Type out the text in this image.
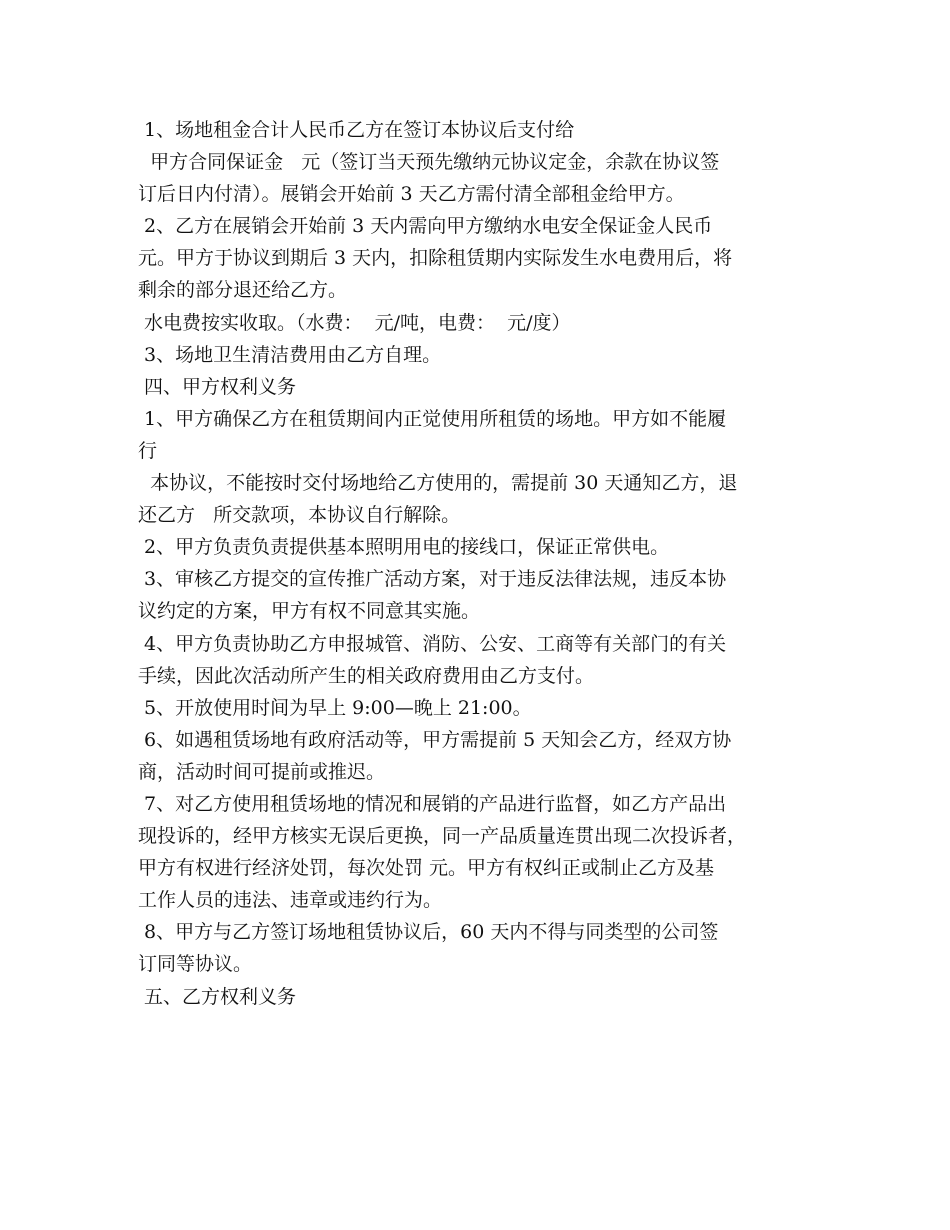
1、场地租金合计人民币乙方在签订本协议后支付给
甲方合同保证金   元（签订当天预先缴纳元协议定金，余款在协议签
订后日内付清）。展销会开始前 3 天乙方需付清全部租金给甲方。
2、乙方在展销会开始前 3 天内需向甲方缴纳水电安全保证金人民币
元。甲方于协议到期后 3 天内，扣除租赁期内实际发生水电费用后，将
剩余的部分退还给乙方。
水电费按实收取。（水费：  元/吨，电费：  元/度）
3、场地卫生清洁费用由乙方自理。
四、甲方权利义务
1、甲方确保乙方在租赁期间内正觉使用所租赁的场地。甲方如不能履
行
本协议，不能按时交付场地给乙方使用的，需提前 30 天通知乙方，退
还乙方   所交款项，本协议自行解除。
2、甲方负责负责提供基本照明用电的接线口，保证正常供电。
3、审核乙方提交的宣传推广活动方案，对于违反法律法规，违反本协
议约定的方案，甲方有权不同意其实施。
4、甲方负责协助乙方申报城管、消防、公安、工商等有关部门的有关
手续，因此次活动所产生的相关政府费用由乙方支付。
5、开放使用时间为早上 9:00—晚上 21:00。
6、如遇租赁场地有政府活动等，甲方需提前 5 天知会乙方，经双方协
商，活动时间可提前或推迟。
7、对乙方使用租赁场地的情况和展销的产品进行监督，如乙方产品出
现投诉的，经甲方核实无误后更换，同一产品质量连贯出现二次投诉者，
甲方有权进行经济处罚，每次处罚 元。甲方有权纠正或制止乙方及基
工作人员的违法、违章或违约行为。
8、甲方与乙方签订场地租赁协议后，60 天内不得与同类型的公司签
订同等协议。
五、乙方权利义务
